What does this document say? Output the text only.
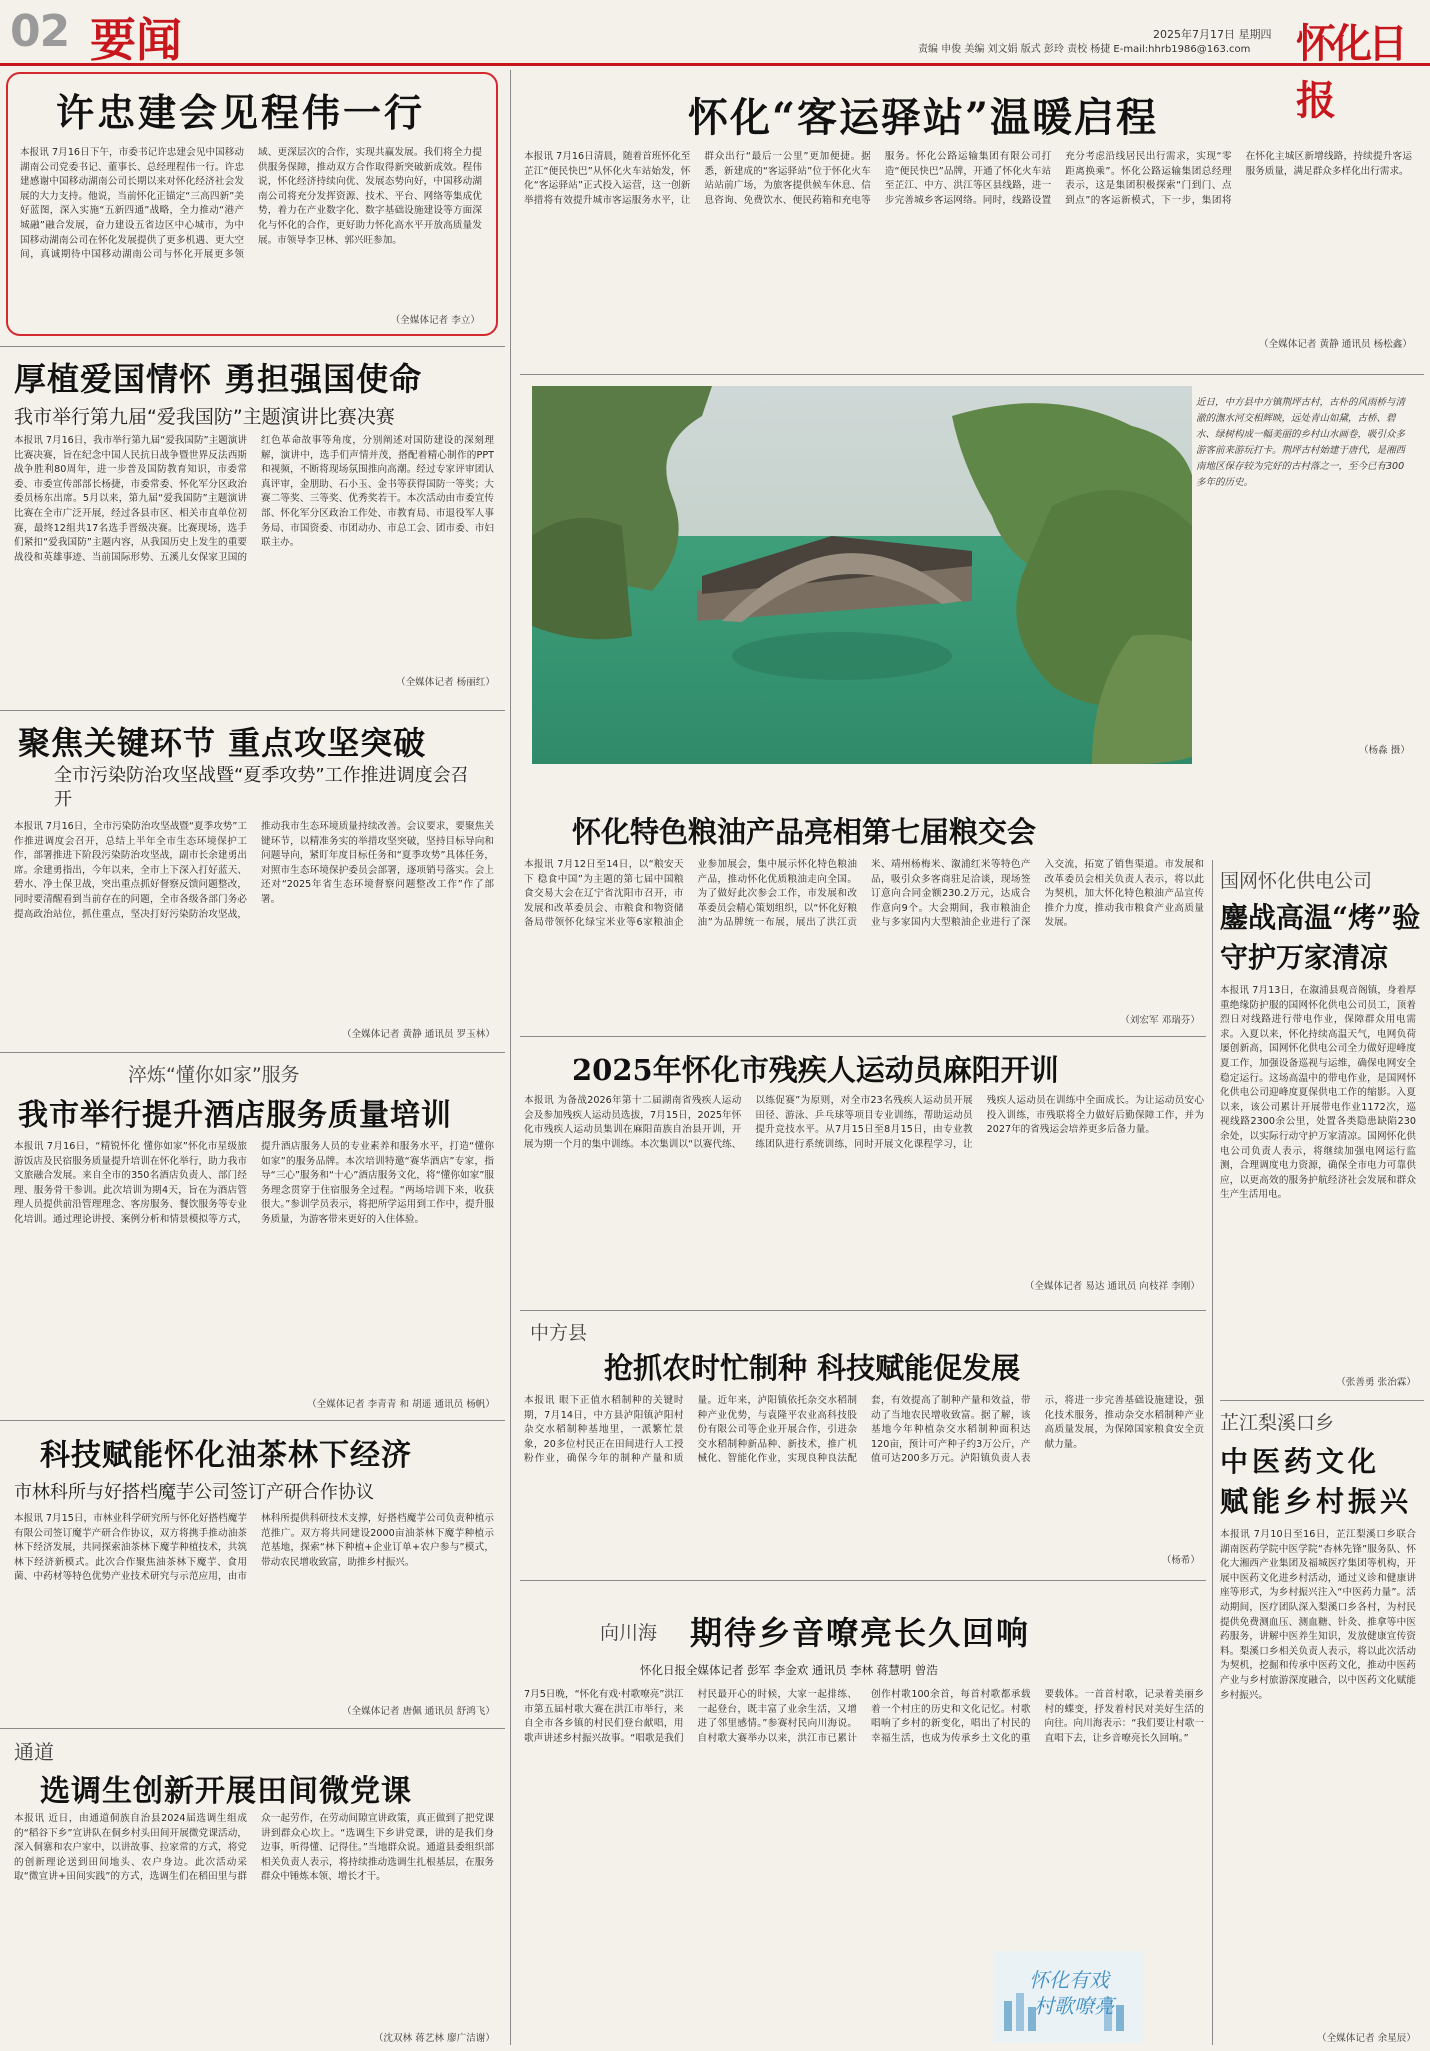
02 要闻	责编 申俊 美编 刘文娟 版式 彭玲 责校 杨捷 E-mail:hhrb1986@163.com
2025年7月17日 星期四 怀化日报
许忠建会见程伟一行
本报讯 7月16日下午，市委书记许忠建会见中国移动湖南公司党委书记、董事长、总经理程伟一行。许忠建感谢中国移动湖南公司长期以来对怀化经济社会发展的大力支持。他说，当前怀化正锚定“三高四新”美好蓝图，深入实施“五新四通”战略，全力推动“港产城融”融合发展，奋力建设五省边区中心城市，为中国移动湖南公司在怀化发展提供了更多机遇、更大空间，真诚期待中国移动湖南公司与怀化开展更多领域、更深层次的合作，实现共赢发展。我们将全力提供服务保障，推动双方合作取得新突破新成效。程伟说，怀化经济持续向优、发展态势向好，中国移动湖南公司将充分发挥资源、技术、平台、网络等集成优势，着力在产业数字化、数字基础设施建设等方面深化与怀化的合作，更好助力怀化高水平开放高质量发展。市领导李卫林、郭兴旺参加。
（全媒体记者 李立）
厚植爱国情怀 勇担强国使命
我市举行第九届“爱我国防”主题演讲比赛决赛
本报讯 7月16日，我市举行第九届“爱我国防”主题演讲比赛决赛，旨在纪念中国人民抗日战争暨世界反法西斯战争胜利80周年，进一步普及国防教育知识，市委常委、市委宣传部部长杨捷，市委常委、怀化军分区政治委员杨东出席。5月以来，第九届“爱我国防”主题演讲比赛在全市广泛开展，经过各县市区、相关市直单位初赛，最终12组共17名选手晋级决赛。比赛现场，选手们紧扣“爱我国防”主题内容，从我国历史上发生的重要战役和英雄事迹、当前国际形势、五溪儿女保家卫国的红色革命故事等角度，分别阐述对国防建设的深刻理解，演讲中，选手们声情并茂，搭配着精心制作的PPT和视频，不断将现场氛围推向高潮。经过专家评审团认真评审，金朋助、石小玉、金书等获得国防一等奖；大赛二等奖、三等奖、优秀奖若干。本次活动由市委宣传部、怀化军分区政治工作处、市教育局、市退役军人事务局、市国资委、市团动办、市总工会、团市委、市妇联主办。
（全媒体记者 杨丽红）
聚焦关键环节 重点攻坚突破
全市污染防治攻坚战暨“夏季攻势”工作推进调度会召开
本报讯 7月16日，全市污染防治攻坚战暨“夏季攻势”工作推进调度会召开，总结上半年全市生态环境保护工作，部署推进下阶段污染防治攻坚战，副市长余建勇出席。余建勇指出，今年以来，全市上下深入打好蓝天、碧水、净土保卫战，突出重点抓好督察反馈问题整改，同时要清醒看到当前存在的问题，全市各级各部门务必提高政治站位，抓住重点，坚决打好污染防治攻坚战，推动我市生态环境质量持续改善。会议要求，要聚焦关键环节，以精准务实的举措攻坚突破，坚持目标导向和问题导向，紧盯年度目标任务和“夏季攻势”具体任务，对照市生态环境保护委员会部署，逐项销号落实。会上还对“2025年省生态环境督察问题整改工作”作了部署。
（全媒体记者 黄静 通讯员 罗玉林）
淬炼“懂你如家”服务
我市举行提升酒店服务质量培训
本报讯 7月16日，“精锐怀化 懂你如家”怀化市星级旅游饭店及民宿服务质量提升培训在怀化举行，助力我市文旅融合发展。来自全市的350名酒店负责人、部门经理、服务骨干参训。此次培训为期4天，旨在为酒店管理人员提供前沿管理理念、客房服务、餐饮服务等专业化培训。通过理论讲授、案例分析和情景模拟等方式，提升酒店服务人员的专业素养和服务水平，打造“懂你如家”的服务品牌。本次培训特邀“赛华酒店”专家，指导“三心”服务和“十心”酒店服务文化，将“懂你如家”服务理念贯穿于住宿服务全过程。“两场培训下来，收获很大。”参训学员表示，将把所学运用到工作中，提升服务质量，为游客带来更好的入住体验。
（全媒体记者 李青青 和 胡遥 通讯员 杨帆）
科技赋能怀化油茶林下经济
市林科所与好搭档魔芋公司签订产研合作协议
本报讯 7月15日，市林业科学研究所与怀化好搭档魔芋有限公司签订魔芋产研合作协议，双方将携手推动油茶林下经济发展，共同探索油茶林下魔芋种植技术，共筑林下经济新模式。此次合作聚焦油茶林下魔芋、食用菌、中药材等特色优势产业技术研究与示范应用，由市林科所提供科研技术支撑，好搭档魔芋公司负责种植示范推广。双方将共同建设2000亩油茶林下魔芋种植示范基地，探索“林下种植+企业订单+农户参与”模式，带动农民增收致富，助推乡村振兴。
（全媒体记者 唐佩 通讯员 舒鸿飞）
通道
选调生创新开展田间微党课
本报讯 近日，由通道侗族自治县2024届选调生组成的“稻谷下乡”宣讲队在侗乡村头田间开展微党课活动，深入侗寨和农户家中，以讲故事、拉家常的方式，将党的创新理论送到田间地头、农户身边。此次活动采取“微宣讲+田间实践”的方式，选调生们在稻田里与群众一起劳作，在劳动间隙宣讲政策，真正做到了把党课讲到群众心坎上。“选调生下乡讲党课，讲的是我们身边事，听得懂、记得住。”当地群众说。通道县委组织部相关负责人表示，将持续推动选调生扎根基层，在服务群众中锤炼本领、增长才干。
（沈双林 蒋艺林 廖广洁谢）
怀化“客运驿站”温暖启程
本报讯 7月16日清晨，随着首班怀化至芷江“便民快巴”从怀化火车站始发，怀化“客运驿站”正式投入运营，这一创新举措将有效提升城市客运服务水平，让群众出行“最后一公里”更加便捷。据悉，新建成的“客运驿站”位于怀化火车站站前广场，为旅客提供候车休息、信息咨询、免费饮水、便民药箱和充电等服务。怀化公路运输集团有限公司打造“便民快巴”品牌，开通了怀化火车站至芷江、中方、洪江等区县线路，进一步完善城乡客运网络。同时，线路设置充分考虑沿线居民出行需求，实现“零距离换乘”。怀化公路运输集团总经理表示，这是集团积极探索“门到门、点到点”的客运新模式，下一步，集团将在怀化主城区新增线路，持续提升客运服务质量，满足群众多样化出行需求。
（全媒体记者 黄静 通讯员 杨松鑫）
近日，中方县中方镇荆坪古村，古朴的风雨桥与清澈的潕水河交相辉映，远处青山如黛，古桥、碧水、绿树构成一幅美丽的乡村山水画卷，吸引众多游客前来游玩打卡。荆坪古村始建于唐代，是湘西南地区保存较为完好的古村落之一，至今已有300多年的历史。
（杨淼 摄）
怀化特色粮油产品亮相第七届粮交会
本报讯 7月12日至14日，以“粮安天下 稳食中国”为主题的第七届中国粮食交易大会在辽宁省沈阳市召开，市发展和改革委员会、市粮食和物资储备局带领怀化绿宝米业等6家粮油企业参加展会，集中展示怀化特色粮油产品，推动怀化优质粮油走向全国。为了做好此次参会工作，市发展和改革委员会精心策划组织，以“怀化好粮油”为品牌统一布展，展出了洪江贡米、靖州杨梅米、溆浦红米等特色产品，吸引众多客商驻足洽谈，现场签订意向合同金额230.2万元，达成合作意向9个。大会期间，我市粮油企业与多家国内大型粮油企业进行了深入交流，拓宽了销售渠道。市发展和改革委员会相关负责人表示，将以此为契机，加大怀化特色粮油产品宣传推介力度，推动我市粮食产业高质量发展。
（刘宏军 邓瑞芬）
2025年怀化市残疾人运动员麻阳开训
本报讯 为备战2026年第十二届湖南省残疾人运动会及参加残疾人运动员选拔，7月15日，2025年怀化市残疾人运动员集训在麻阳苗族自治县开训，开展为期一个月的集中训练。本次集训以“以赛代练、以练促赛”为原则，对全市23名残疾人运动员开展田径、游泳、乒乓球等项目专业训练，帮助运动员提升竞技水平。从7月15日至8月15日，由专业教练团队进行系统训练，同时开展文化课程学习，让残疾人运动员在训练中全面成长。为让运动员安心投入训练，市残联将全力做好后勤保障工作，并为2027年的省残运会培养更多后备力量。
（全媒体记者 易达 通讯员 向枝祥 李刚）
国网怀化供电公司
鏖战高温“烤”验
守护万家清凉
本报讯 7月13日，在溆浦县观音阁镇，身着厚重绝缘防护服的国网怀化供电公司员工，顶着烈日对线路进行带电作业，保障群众用电需求。入夏以来，怀化持续高温天气，电网负荷屡创新高，国网怀化供电公司全力做好迎峰度夏工作，加强设备巡视与运维，确保电网安全稳定运行。这场高温中的带电作业，是国网怀化供电公司迎峰度夏保供电工作的缩影。入夏以来，该公司累计开展带电作业1172次，巡视线路2300余公里，处置各类隐患缺陷230余处，以实际行动守护万家清凉。国网怀化供电公司负责人表示，将继续加强电网运行监测，合理调度电力资源，确保全市电力可靠供应，以更高效的服务护航经济社会发展和群众生产生活用电。
（张善勇 张治霖）
中方县
抢抓农时忙制种 科技赋能促发展
本报讯 眼下正值水稻制种的关键时期，7月14日，中方县泸阳镇泸阳村杂交水稻制种基地里，一派繁忙景象，20多位村民正在田间进行人工授粉作业，确保今年的制种产量和质量。近年来，泸阳镇依托杂交水稻制种产业优势，与袁隆平农业高科技股份有限公司等企业开展合作，引进杂交水稻制种新品种、新技术，推广机械化、智能化作业，实现良种良法配套，有效提高了制种产量和效益，带动了当地农民增收致富。据了解，该基地今年种植杂交水稻制种面积达120亩，预计可产种子约3万公斤，产值可达200多万元。泸阳镇负责人表示，将进一步完善基础设施建设，强化技术服务，推动杂交水稻制种产业高质量发展，为保障国家粮食安全贡献力量。
（杨希）
芷江梨溪口乡
中医药文化
赋能乡村振兴
本报讯 7月10日至16日，芷江梨溪口乡联合湖南医药学院中医学院“杏林先锋”服务队、怀化大湘西产业集团及福城医疗集团等机构，开展中医药文化进乡村活动，通过义诊和健康讲座等形式，为乡村振兴注入“中医药力量”。活动期间，医疗团队深入梨溪口乡各村，为村民提供免费测血压、测血糖、针灸、推拿等中医药服务，讲解中医养生知识，发放健康宣传资料。梨溪口乡相关负责人表示，将以此次活动为契机，挖掘和传承中医药文化，推动中医药产业与乡村旅游深度融合，以中医药文化赋能乡村振兴。
（全媒体记者 余星辰）
向川海 期待乡音嘹亮长久回响
怀化日报全媒体记者 彭军 李金欢 通讯员 李林 蒋慧明 曾浩
7月5日晚，“怀化有戏·村歌嘹亮”洪江市第五届村歌大赛在洪江市举行，来自全市各乡镇的村民们登台献唱，用歌声讲述乡村振兴故事。“唱歌是我们村民最开心的时候，大家一起排练、一起登台，既丰富了业余生活，又增进了邻里感情。”参赛村民向川海说。自村歌大赛举办以来，洪江市已累计创作村歌100余首，每首村歌都承载着一个村庄的历史和文化记忆。村歌唱响了乡村的新变化，唱出了村民的幸福生活，也成为传承乡土文化的重要载体。一首首村歌，记录着美丽乡村的蝶变，抒发着村民对美好生活的向往。向川海表示：“我们要让村歌一直唱下去，让乡音嘹亮长久回响。”
怀化有戏
村歌嘹亮
